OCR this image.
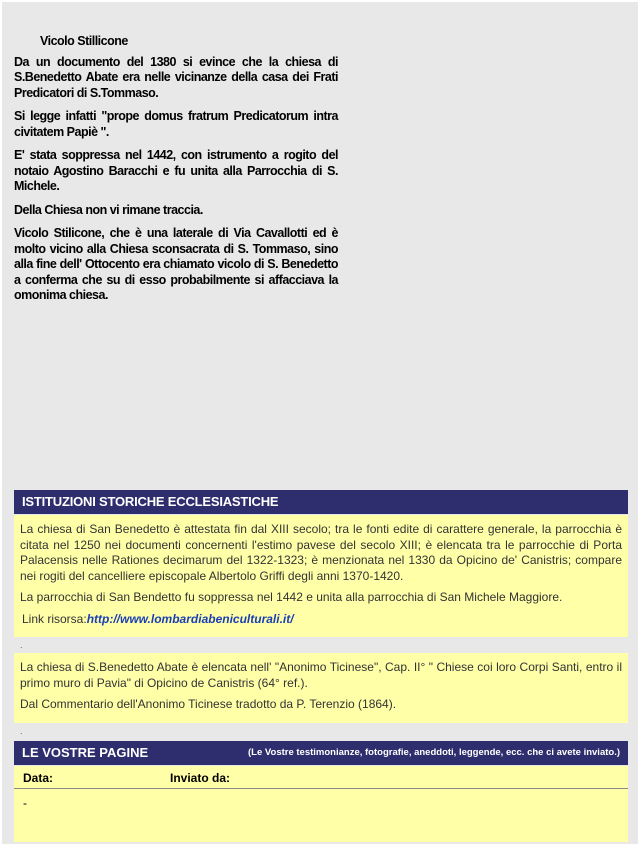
Vicolo Stillicone

Da un documento del 1380 si evince che la chiesa di S.Benedetto Abate era nelle vicinanze della casa dei Frati Predicatori di S.Tommaso.

Si legge infatti "prope domus fratrum Predicatorum intra civitatem Papiè ".

E' stata soppressa nel 1442, con istrumento a rogito del notaio Agostino Baracchi e fu unita alla Parrocchia di S. Michele.

Della Chiesa non vi rimane traccia.

Vicolo Stilicone, che è una laterale di Via Cavallotti ed è molto vicino alla Chiesa sconsacrata di S. Tommaso, sino alla fine dell' Ottocento era chiamato vicolo di S. Benedetto a conferma che su di esso probabilmente si affacciava la omonima chiesa.

ISTITUZIONI STORICHE ECCLESIASTICHE

La chiesa di San Benedetto è attestata fin dal XIII secolo; tra le fonti edite di carattere generale, la parrocchia è citata nel 1250 nei documenti concernenti l'estimo pavese del secolo XIII; è elencata tra le parrocchie di Porta Palacensis nelle Rationes decimarum del 1322-1323; è menzionata nel 1330 da Opicino de' Canistris; compare nei rogiti del cancelliere episcopale Albertolo Griffi degli anni 1370-1420.

La parrocchia di San Bendetto fu soppressa nel 1442 e unita alla parrocchia di San Michele Maggiore.

Link risorsa:http://www.lombardiabeniculturali.it/

.

La chiesa di S.Benedetto Abate è elencata nell' "Anonimo Ticinese", Cap. II° " Chiese coi loro Corpi Santi, entro il primo muro di Pavia" di Opicino de Canistris (64° ref.).

Dal Commentario dell'Anonimo Ticinese tradotto da P. Terenzio (1864).

.
LE VOSTRE PAGINE	(Le Vostre testimonianze, fotografie, aneddoti, leggende, ecc. che ci avete inviato.)
Data:	Inviato da:
-
